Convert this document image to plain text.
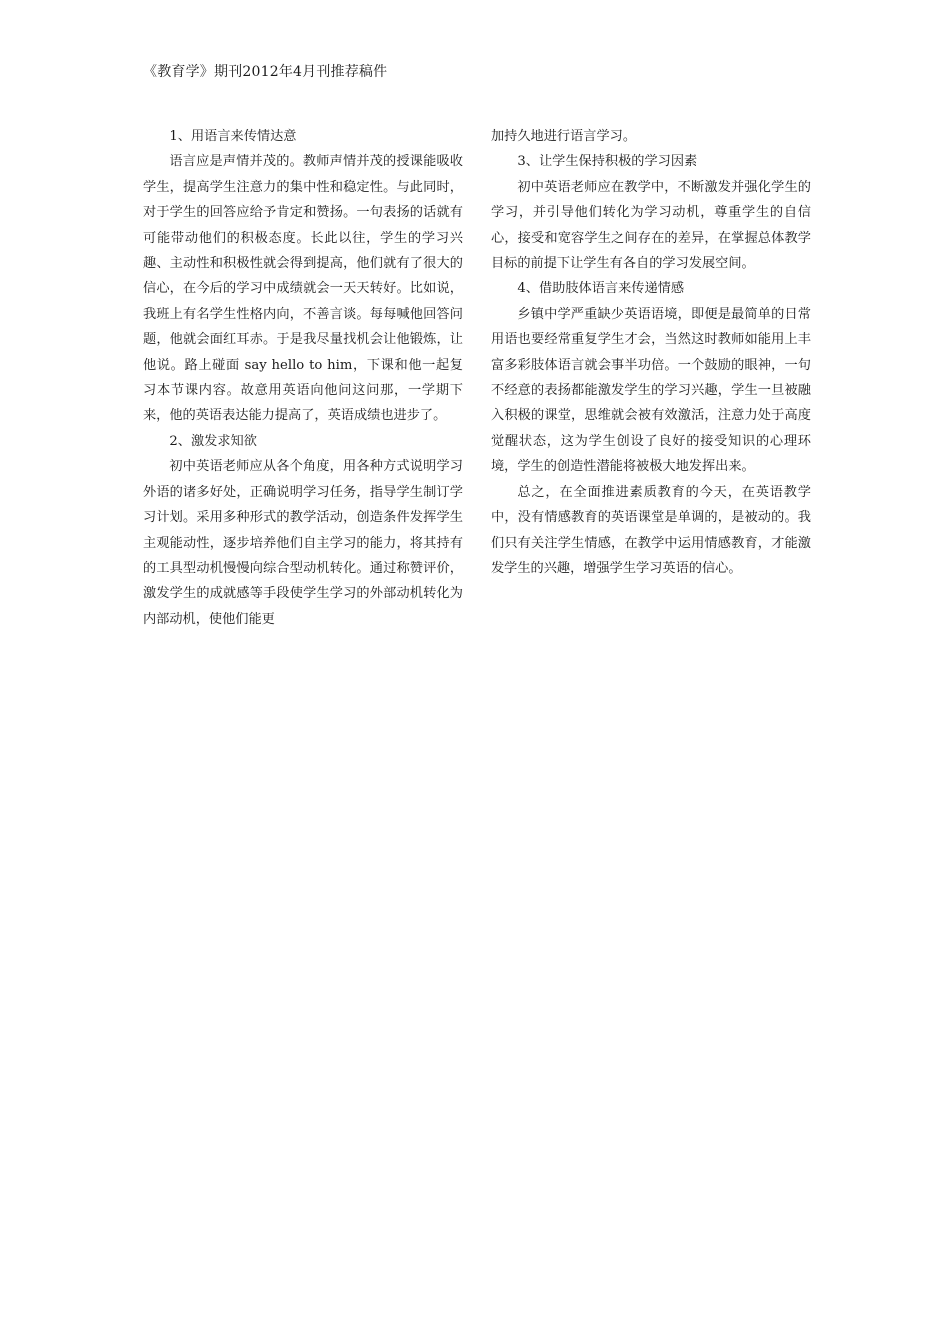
《教育学》期刊2012年4月刊推荐稿件
1、用语言来传情达意

语言应是声情并茂的。教师声情并茂的授课能吸收学生，提高学生注意力的集中性和稳定性。与此同时，对于学生的回答应给予肯定和赞扬。一句表扬的话就有可能带动他们的积极态度。长此以往，学生的学习兴趣、主动性和积极性就会得到提高，他们就有了很大的信心，在今后的学习中成绩就会一天天转好。比如说，我班上有名学生性格内向，不善言谈。每每喊他回答问题，他就会面红耳赤。于是我尽量找机会让他锻炼，让他说。路上碰面 say hello to him，下课和他一起复习本节课内容。故意用英语向他问这问那，一学期下来，他的英语表达能力提高了，英语成绩也进步了。

2、激发求知欲

初中英语老师应从各个角度，用各种方式说明学习外语的诸多好处，正确说明学习任务，指导学生制订学习计划。采用多种形式的教学活动，创造条件发挥学生主观能动性，逐步培养他们自主学习的能力，将其持有的工具型动机慢慢向综合型动机转化。通过称赞评价，激发学生的成就感等手段使学生学习的外部动机转化为内部动机，使他们能更

加持久地进行语言学习。

3、让学生保持积极的学习因素

初中英语老师应在教学中，不断激发并强化学生的学习，并引导他们转化为学习动机，尊重学生的自信心，接受和宽容学生之间存在的差异，在掌握总体教学目标的前提下让学生有各自的学习发展空间。

4、借助肢体语言来传递情感

乡镇中学严重缺少英语语境，即便是最简单的日常用语也要经常重复学生才会，当然这时教师如能用上丰富多彩肢体语言就会事半功倍。一个鼓励的眼神，一句不经意的表扬都能激发学生的学习兴趣，学生一旦被融入积极的课堂，思维就会被有效激活，注意力处于高度觉醒状态，这为学生创设了良好的接受知识的心理环境，学生的创造性潜能将被极大地发挥出来。

总之，在全面推进素质教育的今天，在英语教学中，没有情感教育的英语课堂是单调的，是被动的。我们只有关注学生情感，在教学中运用情感教育，才能激发学生的兴趣，增强学生学习英语的信心。
